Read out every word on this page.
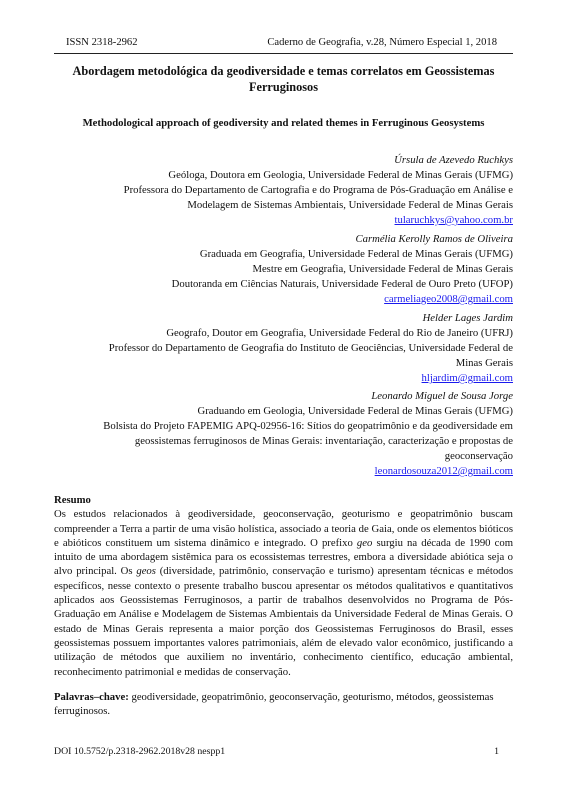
ISSN 2318-2962	Caderno de Geografia, v.28, Número Especial 1, 2018
Abordagem metodológica da geodiversidade e temas correlatos em Geossistemas Ferruginosos
Methodological approach of geodiversity and related themes in Ferruginous Geosystems
Úrsula de Azevedo Ruchkys
Geóloga, Doutora em Geologia, Universidade Federal de Minas Gerais (UFMG)
Professora do Departamento de Cartografia e do Programa de Pós-Graduação em Análise e
Modelagem de Sistemas Ambientais, Universidade Federal de Minas Gerais
tularuchkys@yahoo.com.br
Carmélia Kerolly Ramos de Oliveira
Graduada em Geografia, Universidade Federal de Minas Gerais (UFMG)
Mestre em Geografia, Universidade Federal de Minas Gerais
Doutoranda em Ciências Naturais, Universidade Federal de Ouro Preto (UFOP)
carmeliageo2008@gmail.com
Helder Lages Jardim
Geografo, Doutor em Geografia, Universidade Federal do Rio de Janeiro (UFRJ)
Professor do Departamento de Geografia do Instituto de Geociências, Universidade Federal de
Minas Gerais
hljardim@gmail.com
Leonardo Miguel de Sousa Jorge
Graduando em Geologia, Universidade Federal de Minas Gerais (UFMG)
Bolsista do Projeto FAPEMIG APQ-02956-16: Sítios do geopatrimônio e da geodiversidade em
geossistemas ferruginosos de Minas Gerais: inventariação, caracterização e propostas de
geoconservação
leonardosouza2012@gmail.com
Resumo
Os estudos relacionados à geodiversidade, geoconservação, geoturismo e geopatrimônio buscam compreender a Terra a partir de uma visão holística, associado a teoria de Gaia, onde os elementos bióticos e abióticos constituem um sistema dinâmico e integrado. O prefixo geo surgiu na década de 1990 com intuito de uma abordagem sistêmica para os ecossistemas terrestres, embora a diversidade abiótica seja o alvo principal. Os geos (diversidade, patrimônio, conservação e turismo) apresentam técnicas e métodos específicos, nesse contexto o presente trabalho buscou apresentar os métodos qualitativos e quantitativos aplicados aos Geossistemas Ferruginosos, a partir de trabalhos desenvolvidos no Programa de Pós-Graduação em Análise e Modelagem de Sistemas Ambientais da Universidade Federal de Minas Gerais. O estado de Minas Gerais representa a maior porção dos Geossistemas Ferruginosos do Brasil, esses geossistemas possuem importantes valores patrimoniais, além de elevado valor econômico, justificando a utilização de métodos que auxiliem no inventário, conhecimento científico, educação ambiental, reconhecimento patrimonial e medidas de conservação.
Palavras–chave: geodiversidade, geopatrimônio, geoconservação, geoturismo, métodos, geossistemas ferruginosos.
DOI 10.5752/p.2318-2962.2018v28 nespp1	1
